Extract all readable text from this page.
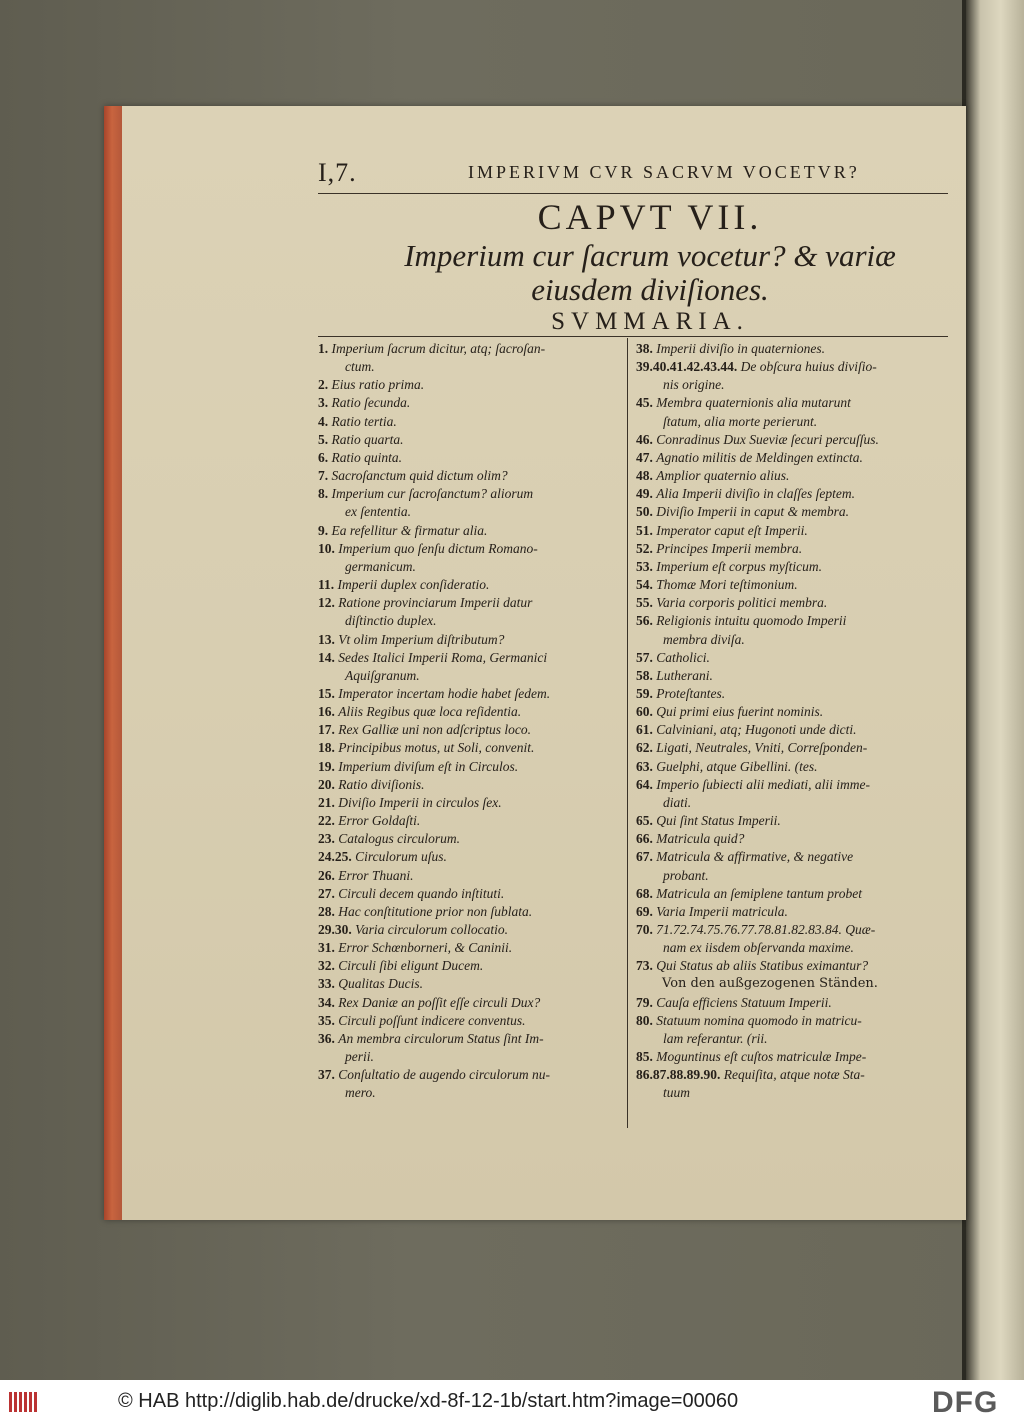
I,7.	IMPERIVM CVR SACRVM VOCETVR?
CAPVT VII.
Imperium cur ſacrum vocetur? & variæ
eiusdem diviſiones.
SVMMARIA.
1. Imperium ſacrum dicitur, atq; ſacroſan-
  ctum.
2. Eius ratio prima.
3. Ratio ſecunda.
4. Ratio tertia.
5. Ratio quarta.
6. Ratio quinta.
7. Sacroſanctum quid dictum olim?
8. Imperium cur ſacroſanctum? aliorum
  ex ſententia.
9. Ea refellitur & firmatur alia.
10. Imperium quo ſenſu dictum Romano-
  germanicum.
11. Imperii duplex conſideratio.
12. Ratione provinciarum Imperii datur
  diſtinctio duplex.
13. Vt olim Imperium diſtributum?
14. Sedes Italici Imperii Roma, Germanici
  Aquiſgranum.
15. Imperator incertam hodie habet ſedem.
16. Aliis Regibus quæ loca reſidentia.
17. Rex Galliæ uni non adſcriptus loco.
18. Principibus motus, ut Soli, convenit.
19. Imperium diviſum eſt in Circulos.
20. Ratio diviſionis.
21. Diviſio Imperii in circulos ſex.
22. Error Goldaſti.
23. Catalogus circulorum.
24.25. Circulorum uſus.
26. Error Thuani.
27. Circuli decem quando inſtituti.
28. Hac conſtitutione prior non ſublata.
29.30. Varia circulorum collocatio.
31. Error Schœnborneri, & Caninii.
32. Circuli ſibi eligunt Ducem.
33. Qualitas Ducis.
34. Rex Daniæ an poſſit eſſe circuli Dux?
35. Circuli poſſunt indicere conventus.
36. An membra circulorum Status ſint Im-
  perii.
37. Conſultatio de augendo circulorum nu-
  mero.
38. Imperii diviſio in quaterniones.
39.40.41.42.43.44. De obſcura huius diviſio-
  nis origine.
45. Membra quaternionis alia mutarunt
  ſtatum, alia morte perierunt.
46. Conradinus Dux Sueviæ ſecuri percuſſus.
47. Agnatio militis de Meldingen extincta.
48. Amplior quaternio alius.
49. Alia Imperii diviſio in claſſes ſeptem.
50. Diviſio Imperii in caput & membra.
51. Imperator caput eſt Imperii.
52. Principes Imperii membra.
53. Imperium eſt corpus myſticum.
54. Thomæ Mori teſtimonium.
55. Varia corporis politici membra.
56. Religionis intuitu quomodo Imperii
  membra diviſa.
57. Catholici.
58. Lutherani.
59. Proteſtantes.
60. Qui primi eius fuerint nominis.
61. Calviniani, atq; Hugonoti unde dicti.
62. Ligati, Neutrales, Vniti, Correſponden-
63. Guelphi, atque Gibellini. (tes.
64. Imperio ſubiecti alii mediati, alii imme-
  diati.
65. Qui ſint Status Imperii.
66. Matricula quid?
67. Matricula & affirmative, & negative
  probant.
68. Matricula an ſemiplene tantum probet
69. Varia Imperii matricula.
70. 71.72.74.75.76.77.78.81.82.83.84. Quæ-
  nam ex iisdem obſervanda maxime.
73. Qui Status ab aliis Statibus eximantur?
  Von den außgezogenen Ständen.
79. Cauſa efficiens Statuum Imperii.
80. Statuum nomina quomodo in matricu-
  lam referantur. (rii.
85. Moguntinus eſt cuſtos matriculæ Impe-
86.87.88.89.90. Requiſita, atque notæ Sta-
  tuum
© HAB http://diglib.hab.de/drucke/xd-8f-12-1b/start.htm?image=00060	DFG
